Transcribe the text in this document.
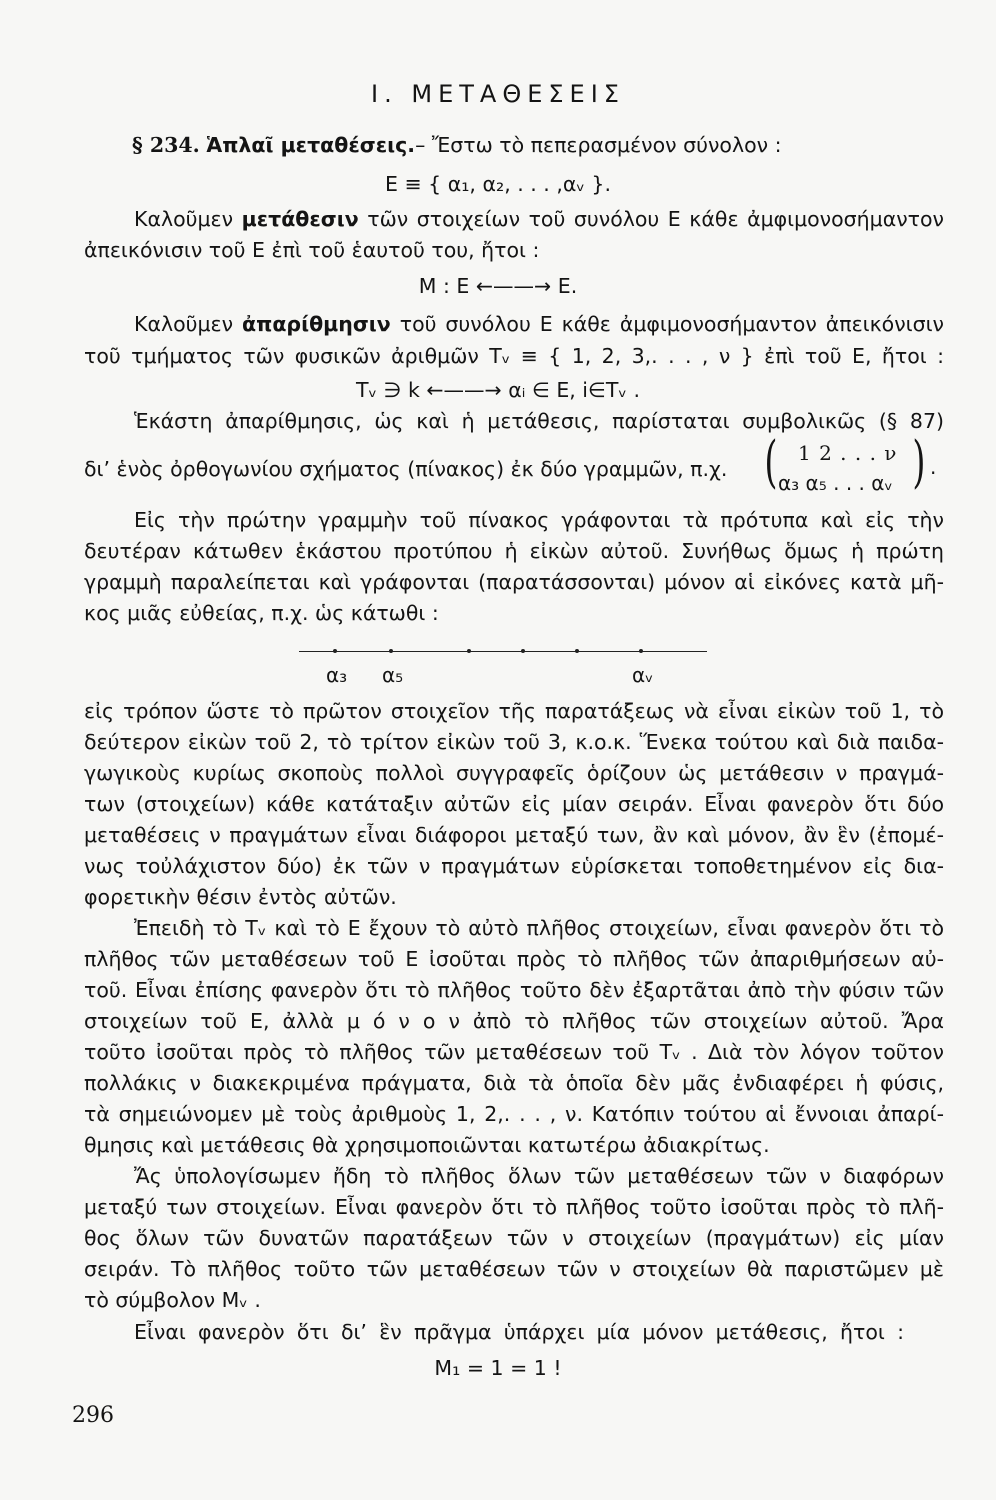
I. ΜΕΤΑΘΕΣΕΙΣ
§ 234. Ἁπλαῖ μεταθέσεις.– Ἔστω τὸ πεπερασμένον σύνολον :
E ≡ { α₁, α₂, . . . ,αᵥ }.
Καλοῦμεν μετάθεσιν τῶν στοιχείων τοῦ συνόλου E κάθε ἀμφιμονοσήμαντον
ἀπεικόνισιν τοῦ E ἐπὶ τοῦ ἑαυτοῦ του, ἤτοι :
M : E ←——→ E.
Καλοῦμεν ἀπαρίθμησιν τοῦ συνόλου E κάθε ἀμφιμονοσήμαντον ἀπεικόνισιν
τοῦ τμήματος τῶν φυσικῶν ἀριθμῶν Tᵥ ≡ { 1, 2, 3,. . . , ν } ἐπὶ τοῦ E, ἤτοι :
Tᵥ ∋ k ←——→ αᵢ ∈ E, i∈Tᵥ .
Ἑκάστη ἀπαρίθμησις, ὡς καὶ ἡ μετάθεσις, παρίσταται συμβολικῶς (§ 87)
δι’ ἑνὸς ὀρθογωνίου σχήματος (πίνακος) ἐκ δύο γραμμῶν, π.χ. ( 1 2 . . . ν
α₃ α₅ . . . αᵥ ) .
Εἰς τὴν πρώτην γραμμὴν τοῦ πίνακος γράφονται τὰ πρότυπα καὶ εἰς τὴν
δευτέραν κάτωθεν ἑκάστου προτύπου ἡ εἰκὼν αὐτοῦ. Συνήθως ὅμως ἡ πρώτη
γραμμὴ παραλείπεται καὶ γράφονται (παρατάσσονται) μόνον αἱ εἰκόνες κατὰ μῆ-
κος μιᾶς εὐθείας, π.χ. ὡς κάτωθι :
α₃ α₅	αᵥ
εἰς τρόπον ὥστε τὸ πρῶτον στοιχεῖον τῆς παρατάξεως νὰ εἶναι εἰκὼν τοῦ 1, τὸ
δεύτερον εἰκὼν τοῦ 2, τὸ τρίτον εἰκὼν τοῦ 3, κ.ο.κ. Ἕνεκα τούτου καὶ διὰ παιδα-
γωγικοὺς κυρίως σκοποὺς πολλοὶ συγγραφεῖς ὁρίζουν ὡς μετάθεσιν ν πραγμά-
των (στοιχείων) κάθε κατάταξιν αὐτῶν εἰς μίαν σειράν. Εἶναι φανερὸν ὅτι δύο
μεταθέσεις ν πραγμάτων εἶναι διάφοροι μεταξύ των, ἂν καὶ μόνον, ἂν ἓν (ἐπομέ-
νως τοὐλάχιστον δύο) ἐκ τῶν ν πραγμάτων εὑρίσκεται τοποθετημένον εἰς δια-
φορετικὴν θέσιν ἐντὸς αὐτῶν.
Ἐπειδὴ τὸ Tᵥ καὶ τὸ E ἔχουν τὸ αὐτὸ πλῆθος στοιχείων, εἶναι φανερὸν ὅτι τὸ
πλῆθος τῶν μεταθέσεων τοῦ E ἰσοῦται πρὸς τὸ πλῆθος τῶν ἀπαριθμήσεων αὐ-
τοῦ. Εἶναι ἐπίσης φανερὸν ὅτι τὸ πλῆθος τοῦτο δὲν ἐξαρτᾶται ἀπὸ τὴν φύσιν τῶν
στοιχείων τοῦ E, ἀλλὰ μ ό ν ο ν ἀπὸ τὸ πλῆθος τῶν στοιχείων αὐτοῦ. Ἄρα
τοῦτο ἰσοῦται πρὸς τὸ πλῆθος τῶν μεταθέσεων τοῦ Tᵥ . Διὰ τὸν λόγον τοῦτον
πολλάκις ν διακεκριμένα πράγματα, διὰ τὰ ὁποῖα δὲν μᾶς ἐνδιαφέρει ἡ φύσις,
τὰ σημειώνομεν μὲ τοὺς ἀριθμοὺς 1, 2,. . . , ν. Κατόπιν τούτου αἱ ἔννοιαι ἀπαρί-
θμησις καὶ μετάθεσις θὰ χρησιμοποιῶνται κατωτέρω ἀδιακρίτως.
Ἄς ὑπολογίσωμεν ἤδη τὸ πλῆθος ὅλων τῶν μεταθέσεων τῶν ν διαφόρων
μεταξύ των στοιχείων. Εἶναι φανερὸν ὅτι τὸ πλῆθος τοῦτο ἰσοῦται πρὸς τὸ πλῆ-
θος ὅλων τῶν δυνατῶν παρατάξεων τῶν ν στοιχείων (πραγμάτων) εἰς μίαν
σειράν. Τὸ πλῆθος τοῦτο τῶν μεταθέσεων τῶν ν στοιχείων θὰ παριστῶμεν μὲ
τὸ σύμβολον Mᵥ .
Εἶναι φανερὸν ὅτι δι’ ἓν πρᾶγμα ὑπάρχει μία μόνον μετάθεσις, ἤτοι :
M₁ = 1 = 1 !
296
